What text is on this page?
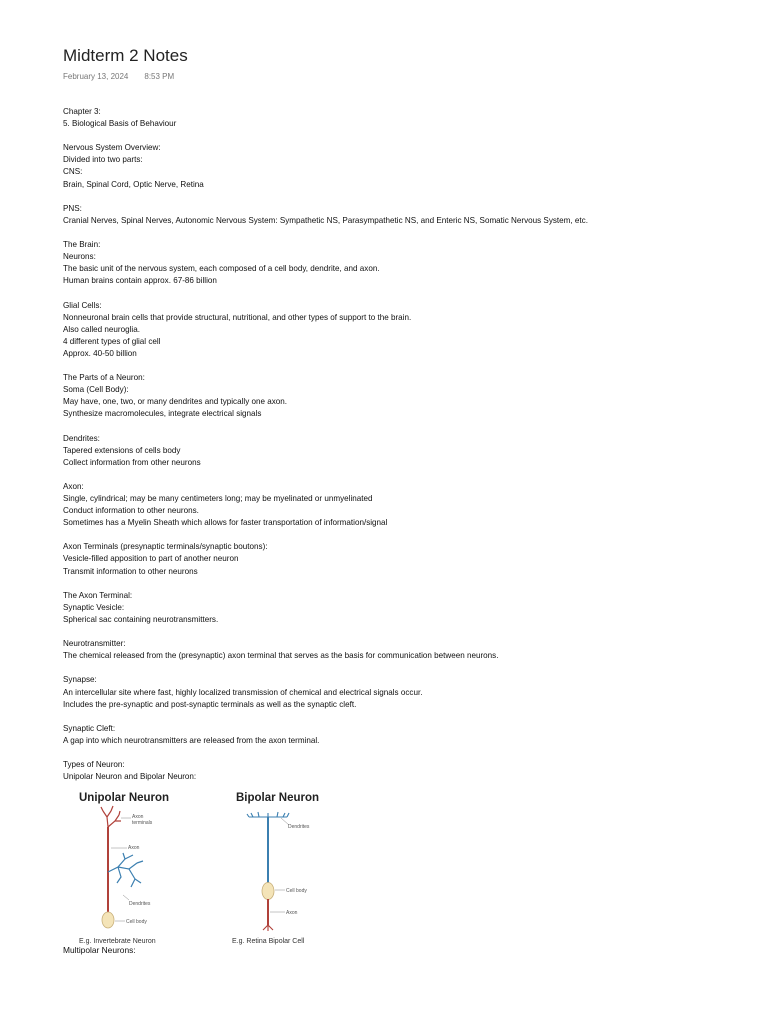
Midterm 2 Notes
February 13, 2024 8:53 PM
Chapter 3:
5. Biological Basis of Behaviour
Nervous System Overview:
Divided into two parts:
CNS:
Brain, Spinal Cord, Optic Nerve, Retina
PNS:
Cranial Nerves, Spinal Nerves, Autonomic Nervous System: Sympathetic NS, Parasympathetic NS, and Enteric NS, Somatic Nervous System, etc.
The Brain:
Neurons:
The basic unit of the nervous system, each composed of a cell body, dendrite, and axon.
Human brains contain approx. 67-86 billion
Glial Cells:
Nonneuronal brain cells that provide structural, nutritional, and other types of support to the brain.
Also called neuroglia.
4 different types of glial cell
Approx. 40-50 billion
The Parts of a Neuron:
Soma (Cell Body):
May have, one, two, or many dendrites and typically one axon.
Synthesize macromolecules, integrate electrical signals
Dendrites:
Tapered extensions of cells body
Collect information from other neurons
Axon:
Single, cylindrical; may be many centimeters long; may be myelinated or unmyelinated
Conduct information to other neurons.
Sometimes has a Myelin Sheath which allows for faster transportation of information/signal
Axon Terminals (presynaptic terminals/synaptic boutons):
Vesicle-filled apposition to part of another neuron
Transmit information to other neurons
The Axon Terminal:
Synaptic Vesicle:
Spherical sac containing neurotransmitters.
Neurotransmitter:
The chemical released from the (presynaptic) axon terminal that serves as the basis for communication between neurons.
Synapse:
An intercellular site where fast, highly localized transmission of chemical and electrical signals occur.
Includes the pre-synaptic and post-synaptic terminals as well as the synaptic cleft.
Synaptic Cleft:
A gap into which neurotransmitters are released from the axon terminal.
Types of Neuron:
Unipolar Neuron and Bipolar Neuron:
Unipolar Neuron
Axon
terminals
Axon
Dendrites
Cell body
E.g. Invertebrate Neuron
Bipolar Neuron
Dendrites
Cell body
Axon
E.g. Retina Bipolar Cell
Multipolar Neurons:
